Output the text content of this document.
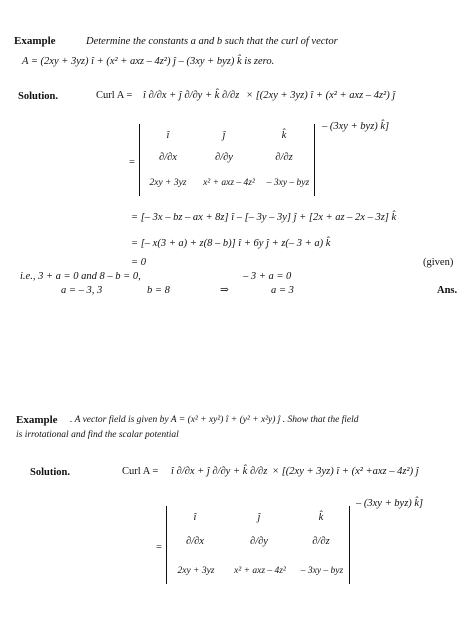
Example	Determine the constants a and b such that the curl of vector
A = (2xy + 3yz) î + (x² + axz – 4z²) ĵ – (3xy + byz) k̂ is zero.
Solution.	Curl A = î ∂/∂x + ĵ ∂/∂y + k̂ ∂/∂z × [(2xy + 3yz) î + (x² + axz – 4z²) ĵ
– (3xy + byz) k̂]
=
î	ĵ	k̂
∂/∂x	∂/∂y	∂/∂z
2xy + 3yz	x² + axz – 4z²	– 3xy – byz
= [– 3x – bz – ax + 8z] î – [– 3y – 3y] ĵ + [2x + az – 2x – 3z] k̂
= [– x(3 + a) + z(8 – b)] î + 6y ĵ + z(– 3 + a) k̂
= 0	(given)
i.e., 3 + a = 0 and 8 – b = 0,	– 3 + a = 0
a = – 3, 3	b = 8	⇒	a = 3	Ans.
Example . A vector field is given by A = (x² + xy²) î + (y² + x²y) ĵ . Show that the field
is irrotational and find the scalar potential
Solution.	Curl A = î ∂/∂x + ĵ ∂/∂y + k̂ ∂/∂z × [(2xy + 3yz) î + (x² +axz – 4z²) ĵ
– (3xy + byz) k̂]
=
î	ĵ	k̂
∂/∂x	∂/∂y	∂/∂z
2xy + 3yz	x² + axz – 4z²	– 3xy – byz
